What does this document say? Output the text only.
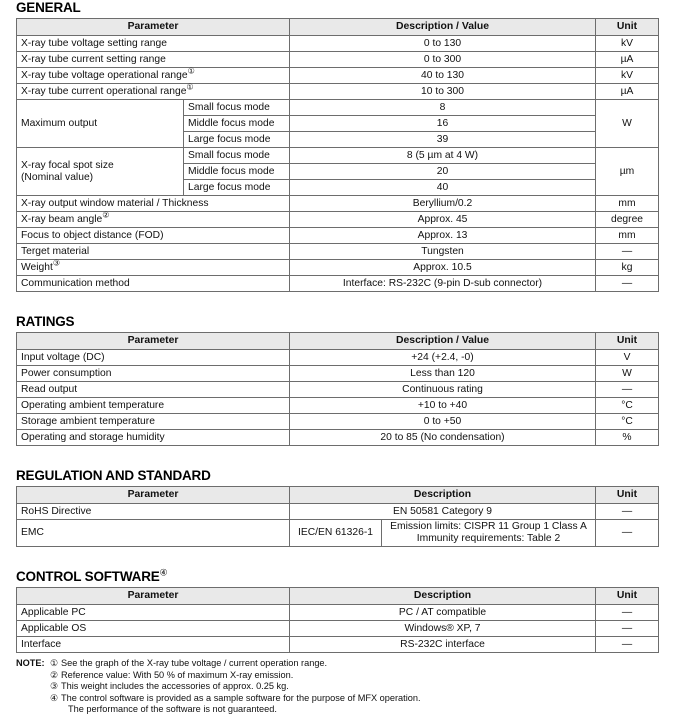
GENERAL
Parameter		Description / Value	Unit
X-ray tube voltage setting range		0 to 130	kV
X-ray tube current setting range		0 to 300	µA
X-ray tube voltage operational range①		40 to 130	kV
X-ray tube current operational range①		10 to 300	µA
Maximum output	Small focus mode	8	W
	Middle focus mode	16	
	Large focus mode	39	

X-ray focal spot size
(Nominal value)	Small focus mode	8 (5 µm at 4 W)	µm
	Middle focus mode	20	
	Large focus mode	40	
X-ray output window material / Thickness		Beryllium/0.2	mm
X-ray beam angle②		Approx. 45	degree
Focus to object distance (FOD)		Approx. 13	mm
Terget material		Tungsten	—
Weight③		Approx. 10.5	kg
Communication method		Interface: RS-232C (9-pin D-sub connector)	—
RATINGS
Parameter	Description / Value	Unit
Input voltage (DC)	+24 (+2.4, -0)	V
Power consumption	Less than 120	W
Read output	Continuous rating	—
Operating ambient temperature	+10 to +40	°C
Storage ambient temperature	0 to +50	°C
Operating and storage humidity	20 to 85 (No condensation)	%
REGULATION AND STANDARD
Parameter	Description		Unit
RoHS Directive	EN 50581 Category 9		—
EMC	IEC/EN 61326-1	Emission limits: CISPR 11 Group 1 Class A
Immunity requirements: Table 2	—
CONTROL SOFTWARE④
Parameter	Description	Unit
Applicable PC	PC / AT compatible	—
Applicable OS	Windows® XP, 7	—
Interface	RS-232C interface	—
NOTE: ① See the graph of the X-ray tube voltage / current operation range.
② Reference value: With 50 % of maximum X-ray emission.
③ This weight includes the accessories of approx. 0.25 kg.
④ The control software is provided as a sample software for the purpose of MFX operation.
The performance of the software is not guaranteed.
